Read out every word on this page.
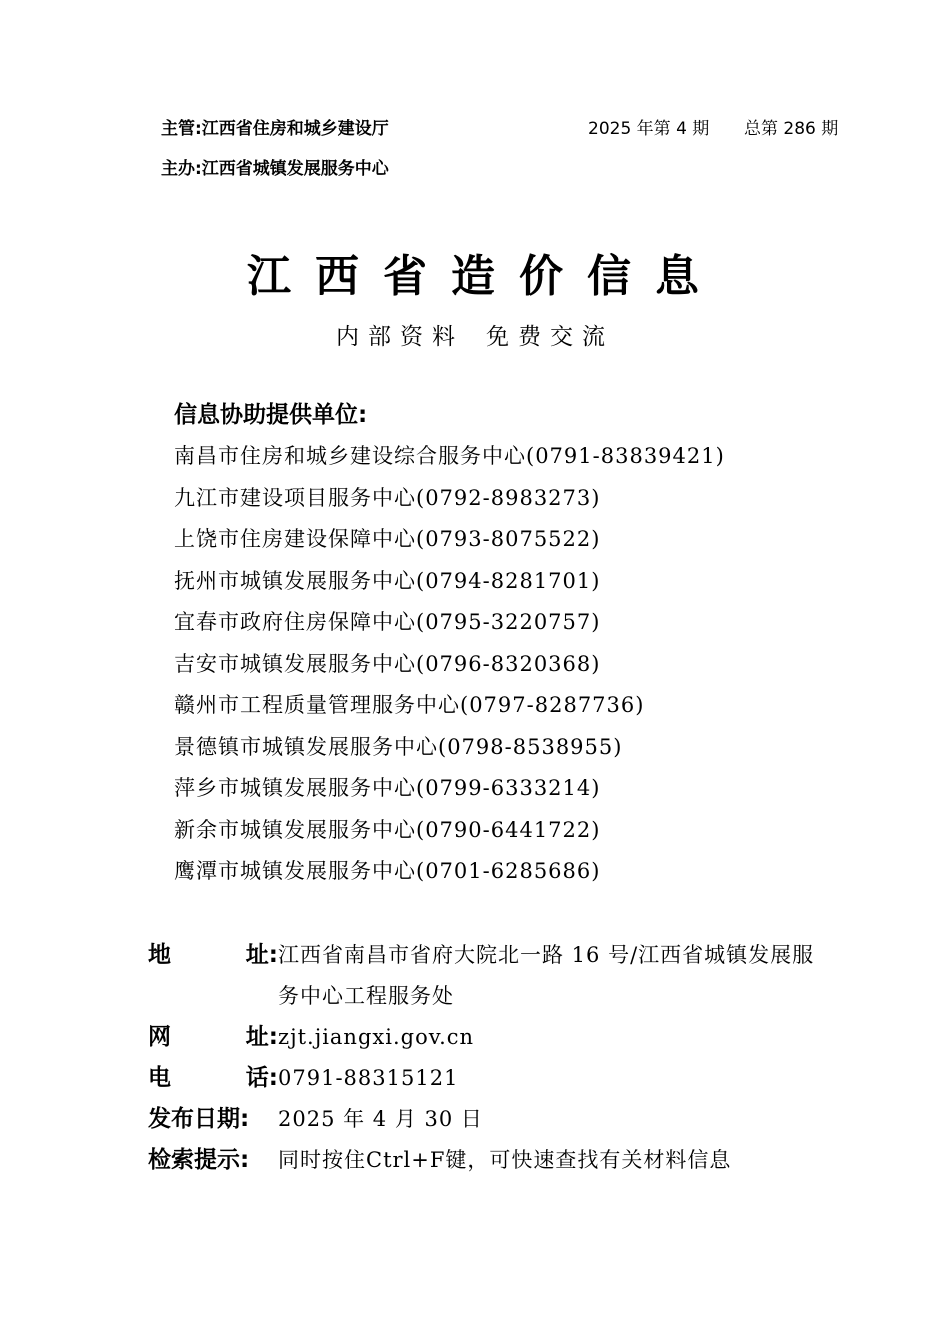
主管:江西省住房和城乡建设厅
主办:江西省城镇发展服务中心
2025 年第 4 期 总第 286 期
江西省造价信息
内部资料 免费交流
信息协助提供单位:
南昌市住房和城乡建设综合服务中心(0791-83839421)
九江市建设项目服务中心(0792-8983273)
上饶市住房建设保障中心(0793-8075522)
抚州市城镇发展服务中心(0794-8281701)
宜春市政府住房保障中心(0795-3220757)
吉安市城镇发展服务中心(0796-8320368)
赣州市工程质量管理服务中心(0797-8287736)
景德镇市城镇发展服务中心(0798-8538955)
萍乡市城镇发展服务中心(0799-6333214)
新余市城镇发展服务中心(0790-6441722)
鹰潭市城镇发展服务中心(0701-6285686)
地	址: 江西省南昌市省府大院北一路 16 号/江西省城镇发展服务中心工程服务处
网	址: zjt.jiangxi.gov.cn
电	话: 0791-88315121
发布日期:	2025 年 4 月 30 日
检索提示:	同时按住Ctrl+F键，可快速查找有关材料信息
